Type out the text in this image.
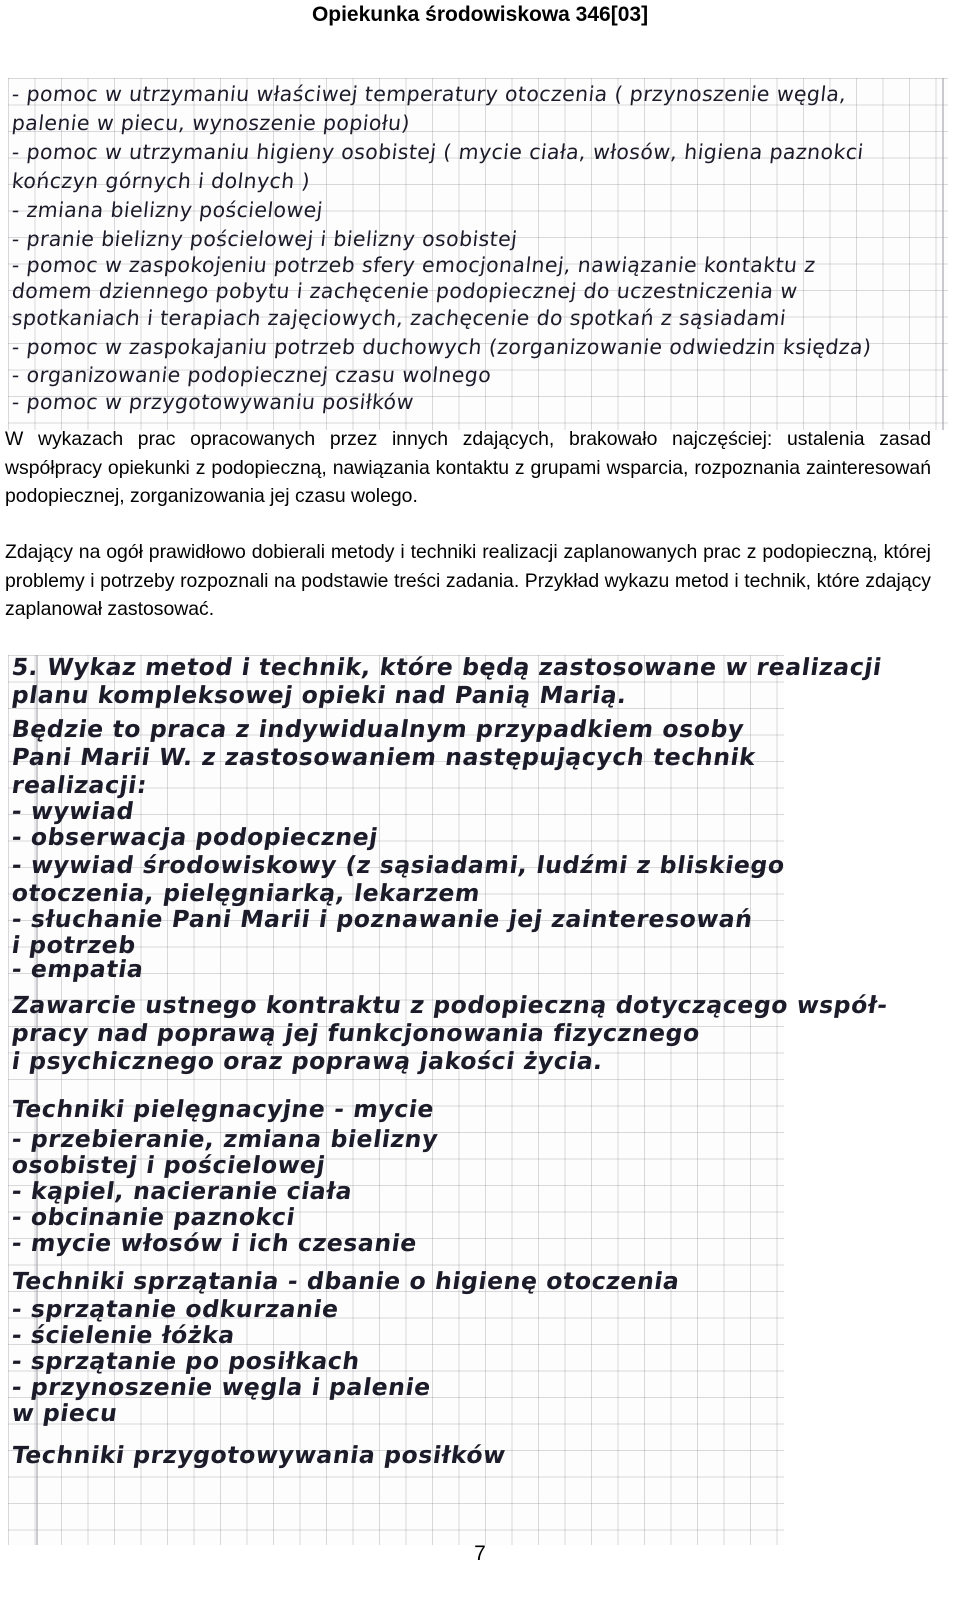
Opiekunka środowiskowa 346[03]
- pomoc w utrzymaniu właściwej temperatury otoczenia ( przynoszenie węgla,
palenie w piecu, wynoszenie popiołu)
- pomoc w utrzymaniu higieny osobistej ( mycie ciała, włosów, higiena paznokci
kończyn górnych i dolnych )
- zmiana bielizny pościelowej
- pranie bielizny pościelowej i bielizny osobistej
- pomoc w zaspokojeniu potrzeb sfery emocjonalnej, nawiązanie kontaktu z
domem dziennego pobytu i zachęcenie podopiecznej do uczestniczenia w
spotkaniach i terapiach zajęciowych, zachęcenie do spotkań z sąsiadami
- pomoc w zaspokajaniu potrzeb duchowych (zorganizowanie odwiedzin księdza)
- organizowanie podopiecznej czasu wolnego
- pomoc w przygotowywaniu posiłków
W wykazach prac opracowanych przez innych zdających, brakowało najczęściej: ustalenia zasad współpracy opiekunki z podopieczną, nawiązania kontaktu z grupami wsparcia, rozpoznania zainteresowań podopiecznej, zorganizowania jej czasu wolego.
Zdający na ogół prawidłowo dobierali metody i techniki realizacji zaplanowanych prac z podopieczną, której problemy i potrzeby rozpoznali na podstawie treści zadania. Przykład wykazu metod i technik, które zdający zaplanował zastosować.
5. Wykaz metod i technik, które będą zastosowane w realizacji
planu kompleksowej opieki nad Panią Marią.
Będzie to praca z indywidualnym przypadkiem osoby
Pani Marii W. z zastosowaniem następujących technik
realizacji:
- wywiad
- obserwacja podopiecznej
- wywiad środowiskowy (z sąsiadami, ludźmi z bliskiego
otoczenia, pielęgniarką, lekarzem
- słuchanie Pani Marii i poznawanie jej zainteresowań
i potrzeb
- empatia
Zawarcie ustnego kontraktu z podopieczną dotyczącego współ-
pracy nad poprawą jej funkcjonowania fizycznego
i psychicznego oraz poprawą jakości życia.
Techniki pielęgnacyjne - mycie
- przebieranie, zmiana bielizny
osobistej i pościelowej
- kąpiel, nacieranie ciała
- obcinanie paznokci
- mycie włosów i ich czesanie
Techniki sprzątania - dbanie o higienę otoczenia
- sprzątanie odkurzanie
- ścielenie łóżka
- sprzątanie po posiłkach
- przynoszenie węgla i palenie
w piecu
Techniki przygotowywania posiłków
7
